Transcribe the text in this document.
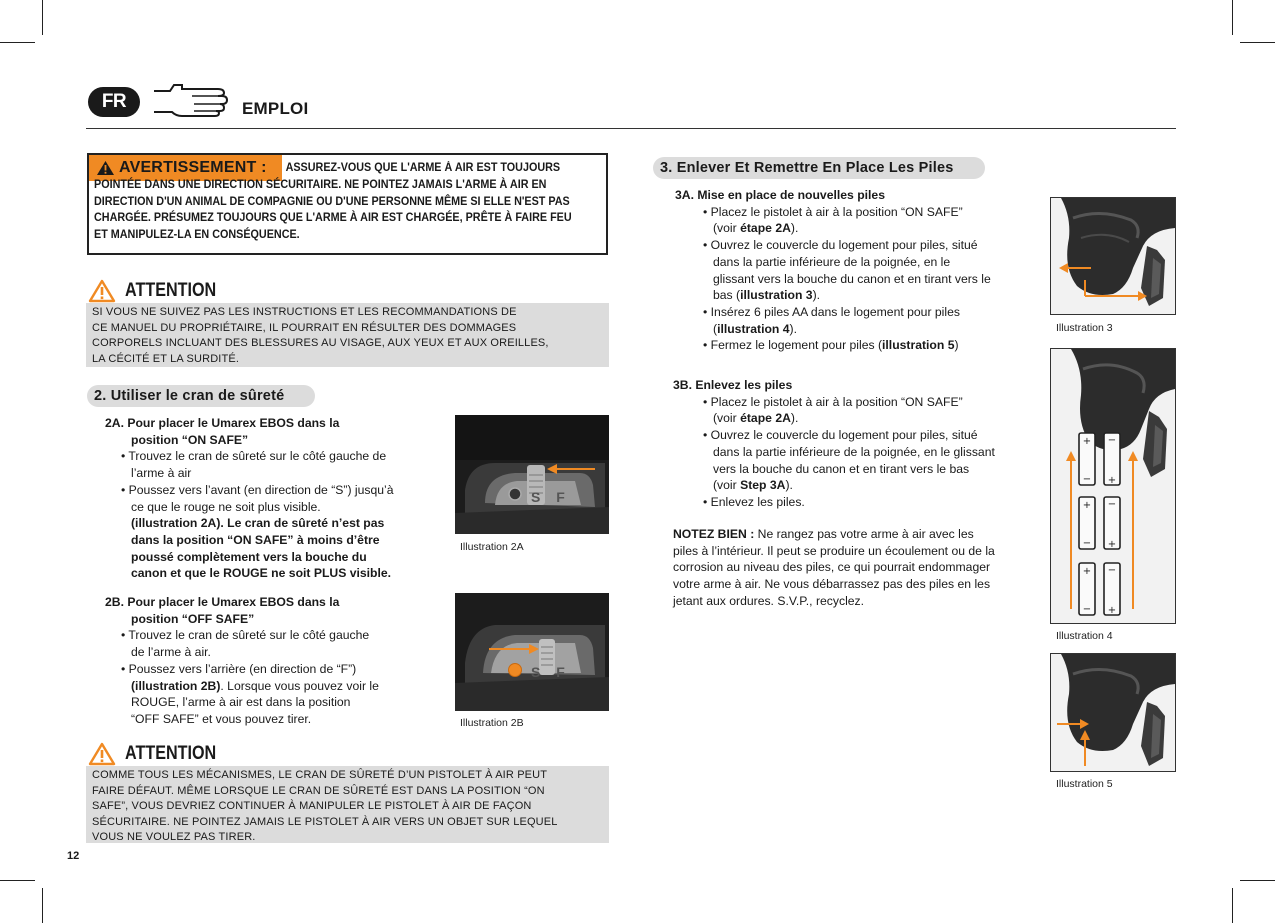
FR	EMPLOI
AVERTISSEMENT :	ASSUREZ-VOUS QUE L'ARME À AIR EST TOUJOURS
POINTÉE DANS UNE DIRECTION SÉCURITAIRE. NE POINTEZ JAMAIS L'ARME À AIR EN
DIRECTION D'UN ANIMAL DE COMPAGNIE OU D'UNE PERSONNE MÊME SI ELLE N'EST PAS
CHARGÉE. PRÉSUMEZ TOUJOURS QUE L'ARME À AIR EST CHARGÉE, PRÊTE À FAIRE FEU
ET MANIPULEZ-LA EN CONSÉQUENCE.
ATTENTION
SI VOUS NE SUIVEZ PAS LES INSTRUCTIONS ET LES RECOMMANDATIONS DE
CE MANUEL DU PROPRIÉTAIRE, IL POURRAIT EN RÉSULTER DES DOMMAGES
CORPORELS INCLUANT DES BLESSURES AU VISAGE, AUX YEUX ET AUX OREILLES,
LA CÉCITÉ ET LA SURDITÉ.
2. Utiliser le cran de sûreté
2A. Pour placer le Umarex EBOS dans la
position “ON SAFE”
• Trouvez le cran de sûreté sur le côté gauche de
l’arme à air
• Poussez vers l’avant (en direction de “S”) jusqu’à
ce que le rouge ne soit plus visible.
(illustration 2A). Le cran de sûreté n’est pas
dans la position “ON SAFE” à moins d’être
poussé complètement vers la bouche du
canon et que le ROUGE ne soit PLUS visible.
2B. Pour placer le Umarex EBOS dans la
position “OFF SAFE”
• Trouvez le cran de sûreté sur le côté gauche
de l’arme à air.
• Poussez vers l’arrière (en direction de “F”)
(illustration 2B). Lorsque vous pouvez voir le
ROUGE, l’arme à air est dans la position
“OFF SAFE” et vous pouvez tirer.
S F
Illustration 2A
S F
Illustration 2B
ATTENTION
COMME TOUS LES MÉCANISMES, LE CRAN DE SÛRETÉ D’UN PISTOLET À AIR PEUT
FAIRE DÉFAUT. MÊME LORSQUE LE CRAN DE SÛRETÉ EST DANS LA POSITION “ON
SAFE”, VOUS DEVRIEZ CONTINUER À MANIPULER LE PISTOLET À AIR DE FAÇON
SÉCURITAIRE. NE POINTEZ JAMAIS LE PISTOLET À AIR VERS UN OBJET SUR LEQUEL
VOUS NE VOULEZ PAS TIRER.
12
3. Enlever Et Remettre En Place Les Piles
3A. Mise en place de nouvelles piles
• Placez le pistolet à air à la position “ON SAFE”
(voir étape 2A).
• Ouvrez le couvercle du logement pour piles, situé
dans la partie inférieure de la poignée, en le
glissant vers la bouche du canon et en tirant vers le
bas (illustration 3).
• Insérez 6 piles AA dans le logement pour piles
(illustration 4).
• Fermez le logement pour piles (illustration 5)
3B. Enlevez les piles
• Placez le pistolet à air à la position “ON SAFE”
(voir étape 2A).
• Ouvrez le couvercle du logement pour piles, situé
dans la partie inférieure de la poignée, en le glissant
vers la bouche du canon et en tirant vers le bas
(voir Step 3A).
• Enlevez les piles.
NOTEZ BIEN : Ne rangez pas votre arme à air avec les
piles à l’intérieur. Il peut se produire un écoulement ou de la
corrosion au niveau des piles, ce qui pourrait endommager
votre arme à air. Ne vous débarrassez pas des piles en les
jetant aux ordures. S.V.P., recyclez.
Illustration 3
+
−
−
+
+
−
−
+
+
−
−
+
Illustration 4
Illustration 5
